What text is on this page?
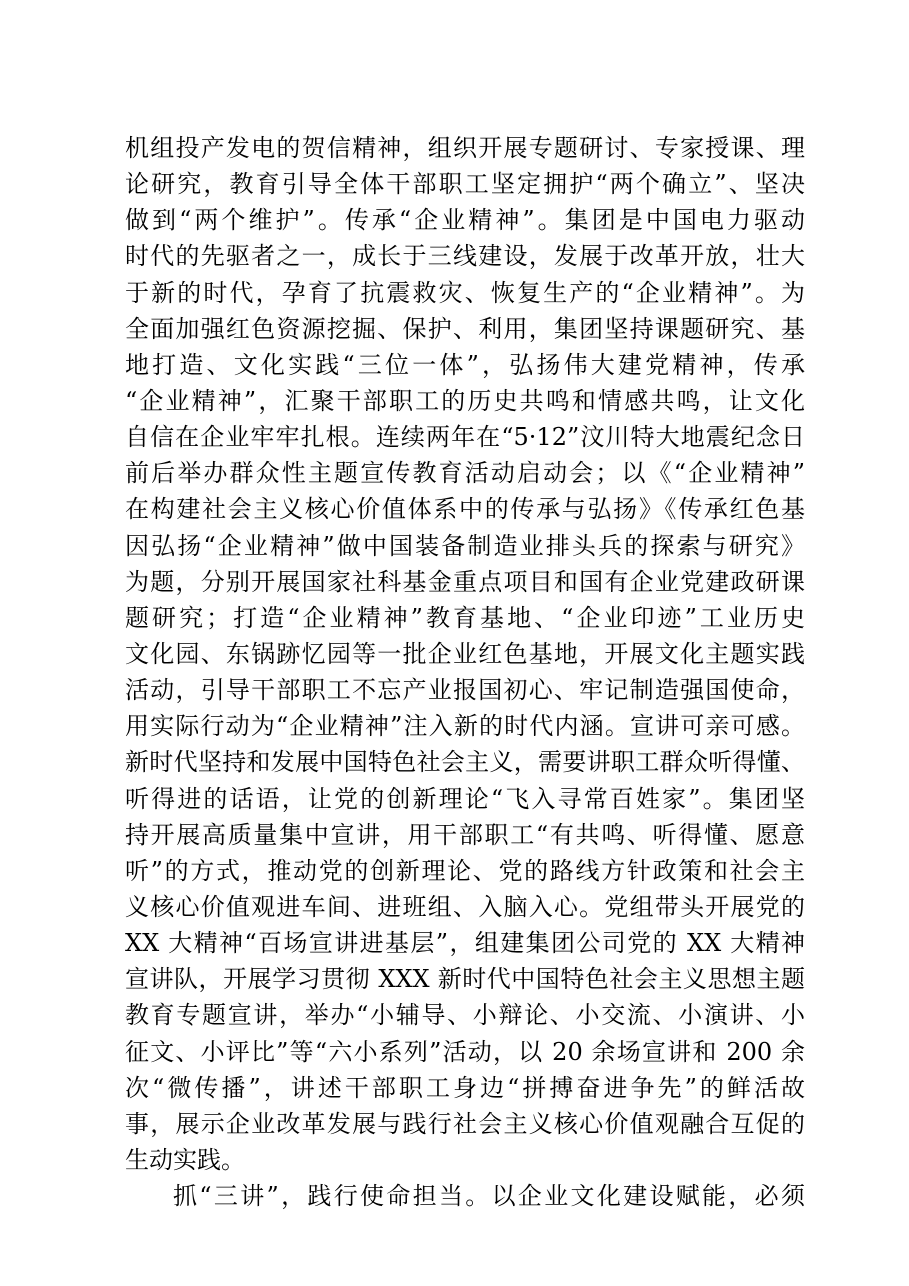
机组投产发电的贺信精神，组织开展专题研讨、专家授课、理
论研究，教育引导全体干部职工坚定拥护“两个确立”、坚决
做到“两个维护”。传承“企业精神”。集团是中国电力驱动
时代的先驱者之一，成长于三线建设，发展于改革开放，壮大
于新的时代，孕育了抗震救灾、恢复生产的“企业精神”。为
全面加强红色资源挖掘、保护、利用，集团坚持课题研究、基
地打造、文化实践“三位一体”，弘扬伟大建党精神，传承
“企业精神”，汇聚干部职工的历史共鸣和情感共鸣，让文化
自信在企业牢牢扎根。连续两年在“5·12”汶川特大地震纪念日
前后举办群众性主题宣传教育活动启动会；以《“企业精神”
在构建社会主义核心价值体系中的传承与弘扬》《传承红色基
因弘扬“企业精神”做中国装备制造业排头兵的探索与研究》
为题，分别开展国家社科基金重点项目和国有企业党建政研课
题研究；打造“企业精神”教育基地、“企业印迹”工业历史
文化园、东锅跡忆园等一批企业红色基地，开展文化主题实践
活动，引导干部职工不忘产业报国初心、牢记制造强国使命，
用实际行动为“企业精神”注入新的时代内涵。宣讲可亲可感。
新时代坚持和发展中国特色社会主义，需要讲职工群众听得懂、
听得进的话语，让党的创新理论“飞入寻常百姓家”。集团坚
持开展高质量集中宣讲，用干部职工“有共鸣、听得懂、愿意
听”的方式，推动党的创新理论、党的路线方针政策和社会主
义核心价值观进车间、进班组、入脑入心。党组带头开展党的
XX 大精神“百场宣讲进基层”，组建集团公司党的 XX 大精神
宣讲队，开展学习贯彻 XXX 新时代中国特色社会主义思想主题
教育专题宣讲，举办“小辅导、小辩论、小交流、小演讲、小
征文、小评比”等“六小系列”活动，以 20 余场宣讲和 200 余
次“微传播”，讲述干部职工身边“拼搏奋进争先”的鲜活故
事，展示企业改革发展与践行社会主义核心价值观融合互促的
生动实践。
抓“三讲”，践行使命担当。以企业文化建设赋能，必须
